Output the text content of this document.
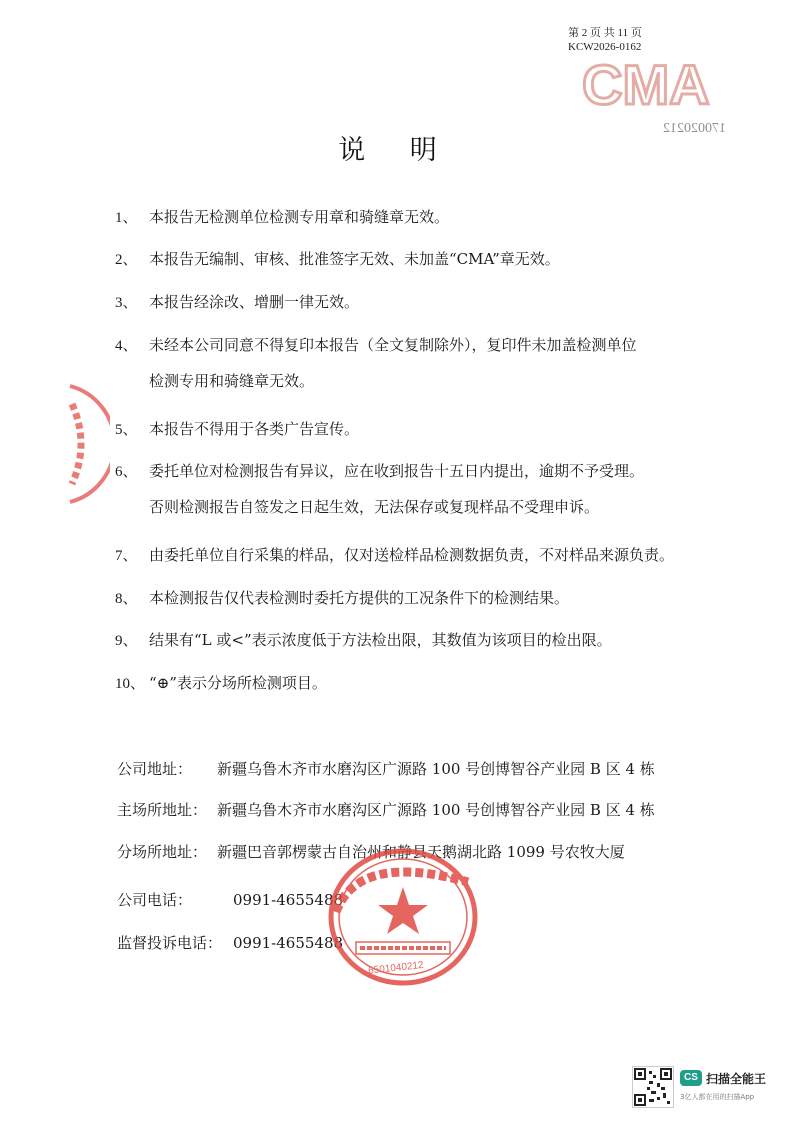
第 2 页 共 11 页
KCW2026-0162
CMA
170020212
说 明
1、 本报告无检测单位检测专用章和骑缝章无效。
2、 本报告无编制、审核、批准签字无效、未加盖“CMA”章无效。
3、 本报告经涂改、增删一律无效。
4、 未经本公司同意不得复印本报告（全文复制除外），复印件未加盖检测单位
检测专用和骑缝章无效。
5、 本报告不得用于各类广告宣传。
6、 委托单位对检测报告有异议，应在收到报告十五日内提出，逾期不予受理。
否则检测报告自签发之日起生效，无法保存或复现样品不受理申诉。
7、 由委托单位自行采集的样品，仅对送检样品检测数据负责，不对样品来源负责。
8、 本检测报告仅代表检测时委托方提供的工况条件下的检测结果。
9、 结果有“L 或<”表示浓度低于方法检出限，其数值为该项目的检出限。
10、 “⊕”表示分场所检测项目。
公司地址： 新疆乌鲁木齐市水磨沟区广源路 100 号创博智谷产业园 B 区 4 栋
主场所地址： 新疆乌鲁木齐市水磨沟区广源路 100 号创博智谷产业园 B 区 4 栋
分场所地址： 新疆巴音郭楞蒙古自治州和静县天鹅湖北路 1099 号农牧大厦
公司电话：	0991-4655488
监督投诉电话： 0991-4655488
6501040212
CS 扫描全能王
3亿人都在用的扫描App
